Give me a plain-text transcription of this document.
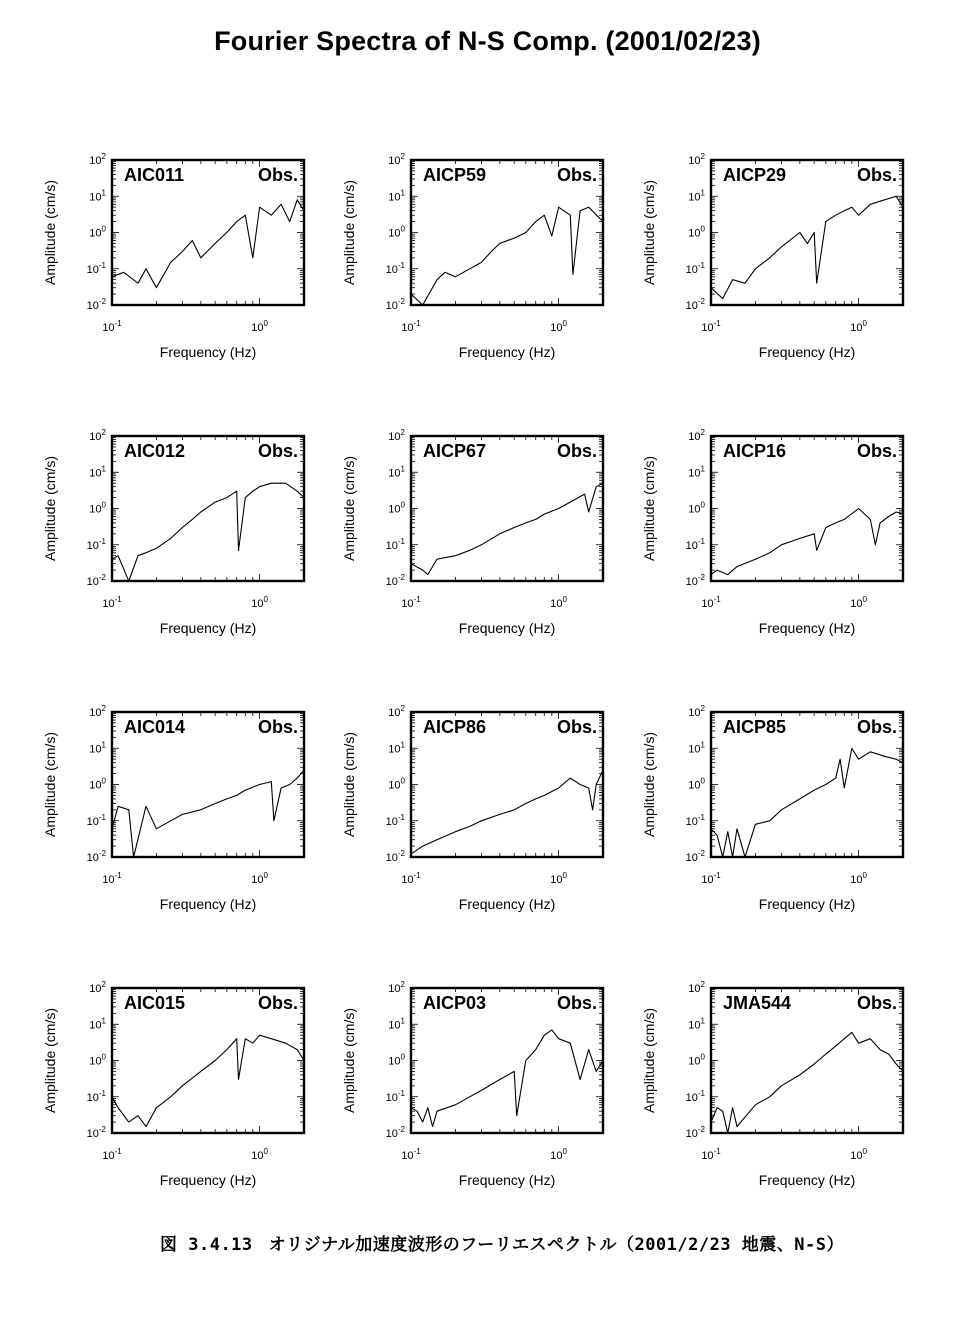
Fourier Spectra of N-S Comp. (2001/02/23)
AIC011	Obs.
$10^2$
$10^1$
$10^0$
$10^{-1}$
$10^{-2}$
$10^{-1}$	$10^0$
Frequency (Hz)
Amplitude (cm/s)
AICP59	Obs.
$10^2$
$10^1$
$10^0$
$10^{-1}$
$10^{-2}$
$10^{-1}$	$10^0$
Frequency (Hz)
Amplitude (cm/s)
AICP29	Obs.
$10^2$
$10^1$
$10^0$
$10^{-1}$
$10^{-2}$
$10^{-1}$	$10^0$
Frequency (Hz)
Amplitude (cm/s)
AIC012	Obs.
$10^2$
$10^1$
$10^0$
$10^{-1}$
$10^{-2}$
$10^{-1}$	$10^0$
Frequency (Hz)
Amplitude (cm/s)
AICP67	Obs.
$10^2$
$10^1$
$10^0$
$10^{-1}$
$10^{-2}$
$10^{-1}$	$10^0$
Frequency (Hz)
Amplitude (cm/s)
AICP16	Obs.
$10^2$
$10^1$
$10^0$
$10^{-1}$
$10^{-2}$
$10^{-1}$	$10^0$
Frequency (Hz)
Amplitude (cm/s)
AIC014	Obs.
$10^2$
$10^1$
$10^0$
$10^{-1}$
$10^{-2}$
$10^{-1}$	$10^0$
Frequency (Hz)
Amplitude (cm/s)
AICP86	Obs.
$10^2$
$10^1$
$10^0$
$10^{-1}$
$10^{-2}$
$10^{-1}$	$10^0$
Frequency (Hz)
Amplitude (cm/s)
AICP85	Obs.
$10^2$
$10^1$
$10^0$
$10^{-1}$
$10^{-2}$
$10^{-1}$	$10^0$
Frequency (Hz)
Amplitude (cm/s)
AIC015	Obs.
$10^2$
$10^1$
$10^0$
$10^{-1}$
$10^{-2}$
$10^{-1}$	$10^0$
Frequency (Hz)
Amplitude (cm/s)
AICP03	Obs.
$10^2$
$10^1$
$10^0$
$10^{-1}$
$10^{-2}$
$10^{-1}$	$10^0$
Frequency (Hz)
Amplitude (cm/s)
JMA544	Obs.
$10^2$
$10^1$
$10^0$
$10^{-1}$
$10^{-2}$
$10^{-1}$	$10^0$
Frequency (Hz)
Amplitude (cm/s)
図 3.4.13 オリジナル加速度波形のフーリエスペクトル（2001/2/23 地震、N-S）
